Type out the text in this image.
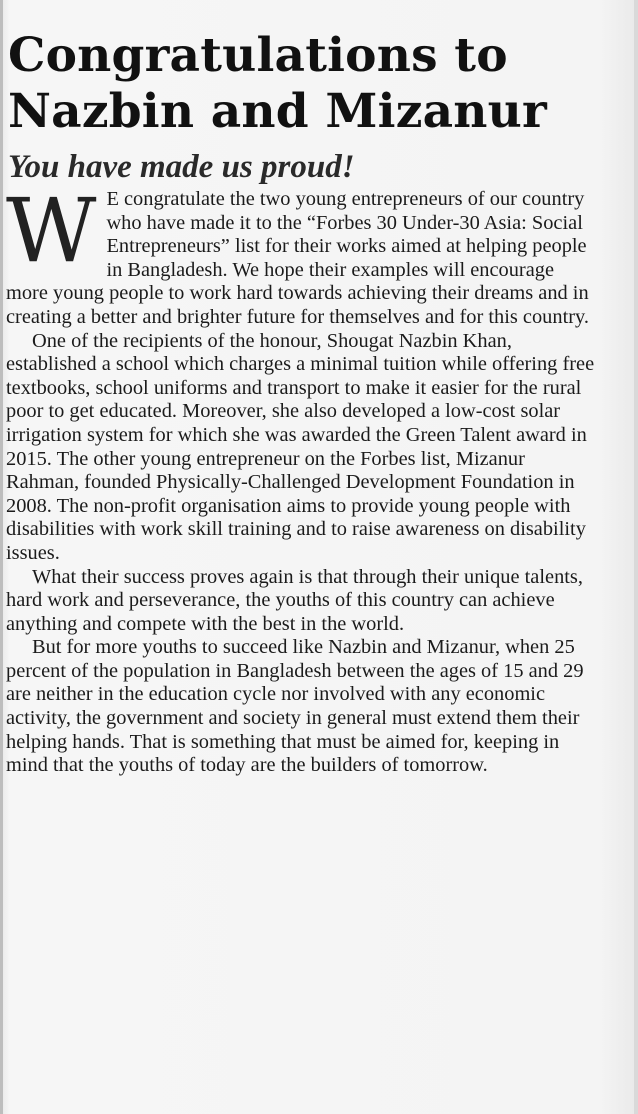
Congratulations to
Nazbin and Mizanur
You have made us proud!

W E congratulate the two young entrepreneurs of our country who have made it to the “Forbes 30 Under-30 Asia: Social Entrepreneurs” list for their works aimed at helping people in Bangladesh. We hope their examples will encourage more young people to work hard towards achieving their dreams and in creating a better and brighter future for themselves and for this country.

One of the recipients of the honour, Shougat Nazbin Khan, established a school which charges a minimal tuition while offering free textbooks, school uniforms and transport to make it easier for the rural poor to get educated. Moreover, she also developed a low-cost solar irrigation system for which she was awarded the Green Talent award in 2015. The other young entrepreneur on the Forbes list, Mizanur Rahman, founded Physically-Challenged Development Foundation in 2008. The non-profit organisation aims to provide young people with disabilities with work skill training and to raise awareness on disability issues.

What their success proves again is that through their unique talents, hard work and perseverance, the youths of this country can achieve anything and compete with the best in the world.

But for more youths to succeed like Nazbin and Mizanur, when 25 percent of the population in Bangladesh between the ages of 15 and 29 are neither in the education cycle nor involved with any economic activity, the government and society in general must extend them their helping hands. That is something that must be aimed for, keeping in mind that the youths of today are the builders of tomorrow.
